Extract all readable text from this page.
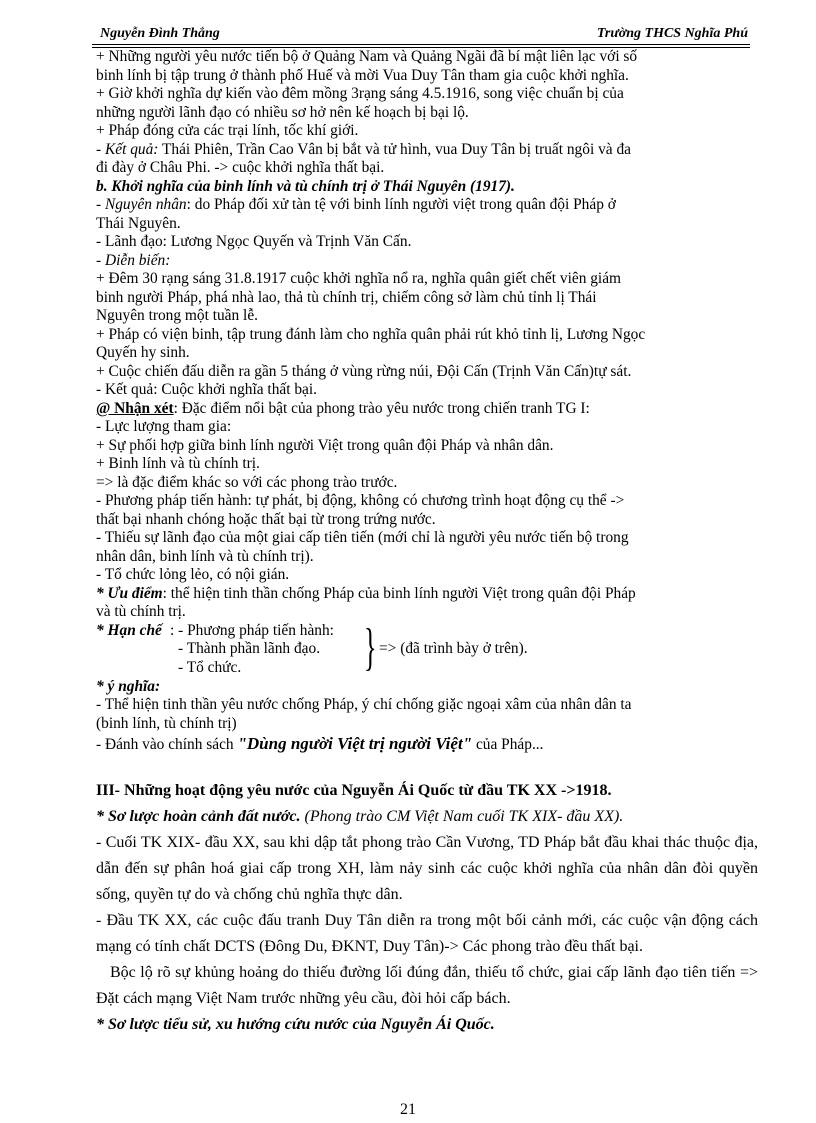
Nguyễn Đình Thắng	Trường THCS Nghĩa Phú
+ Những người yêu nước tiến bộ ở Quảng Nam và Quảng Ngãi đã bí mật liên lạc với số
binh lính bị tập trung ở thành phố Huế và mời Vua Duy Tân tham gia cuộc khởi nghĩa.
+ Giờ khởi nghĩa dự kiến vào đêm mồng 3rạng sáng 4.5.1916, song việc chuẩn bị của
những người lãnh đạo có nhiều sơ hở nên kế hoạch bị bại lộ.
+ Pháp đóng cửa các trại lính, tốc khí giới.
- Kết quả: Thái Phiên, Trần Cao Vân bị bắt và tử hình, vua Duy Tân bị truất ngôi và đa
đi đày ở Châu Phi. -> cuộc khởi nghĩa thất bại.
b. Khởi nghĩa của binh lính và tù chính trị ở Thái Nguyên (1917).
- Nguyên nhân: do Pháp đối xử tàn tệ với binh lính người việt trong quân đội Pháp ở
Thái Nguyên.
- Lãnh đạo: Lương Ngọc Quyến và Trịnh Văn Cấn.
- Diễn biến:
+ Đêm 30 rạng sáng 31.8.1917 cuộc khởi nghĩa nổ ra, nghĩa quân giết chết viên giám
binh người Pháp, phá nhà lao, thả tù chính trị, chiếm công sở làm chủ tỉnh lị Thái
Nguyên trong một tuần lễ.
+ Pháp có viện binh, tập trung đánh làm cho nghĩa quân phải rút khỏ tỉnh lị, Lương Ngọc
Quyến hy sinh.
+ Cuộc chiến đấu diễn ra gần 5 tháng ở vùng rừng núi, Đội Cấn (Trịnh Văn Cấn)tự sát.
- Kết quả: Cuộc khởi nghĩa thất bại.
@ Nhận xét: Đặc điểm nổi bật của phong trào yêu nước trong chiến tranh TG I:
- Lực lượng tham gia:
+ Sự phối hợp giữa binh lính người Việt trong quân đội Pháp và nhân dân.
+ Binh lính và tù chính trị.
=> là đặc điểm khác so với các phong trào trước.
- Phương pháp tiến hành: tự phát, bị động, không có chương trình hoạt động cụ thể ->
thất bại nhanh chóng hoặc thất bại từ trong trứng nước.
- Thiếu sự lãnh đạo của một giai cấp tiên tiến (mới chỉ là người yêu nước tiến bộ trong
nhân dân, binh lính và tù chính trị).
- Tổ chức lỏng lẻo, có nội gián.
* Ưu điểm: thể hiện tinh thần chống Pháp của binh lính người Việt trong quân đội Pháp
và tù chính trị.
* Hạn chế : - Phương pháp tiến hành:
- Thành phần lãnh đạo.
- Tổ chức.	} => (đã trình bày ở trên).
* ý nghĩa:
- Thể hiện tinh thần yêu nước chống Pháp, ý chí chống giặc ngoại xâm của nhân dân ta
(binh lính, tù chính trị)
- Đánh vào chính sách "Dùng người Việt trị người Việt" của Pháp...
III- Những hoạt động yêu nước của Nguyễn Ái Quốc từ đầu TK XX ->1918.
* Sơ lược hoàn cảnh đất nước. (Phong trào CM Việt Nam cuối TK XIX- đầu XX).
- Cuối TK XIX- đầu XX, sau khi dập tắt phong trào Cần Vương, TD Pháp bắt đầu khai thác thuộc địa, dẫn đến sự phân hoá giai cấp trong XH, làm nảy sinh các cuộc khởi nghĩa của nhân dân đòi quyền sống, quyền tự do và chống chủ nghĩa thực dân.
- Đầu TK XX, các cuộc đấu tranh Duy Tân diễn ra trong một bối cảnh mới, các cuộc vận động cách mạng có tính chất DCTS (Đông Du, ĐKNT, Duy Tân)-> Các phong trào đều thất bại.
Bộc lộ rõ sự khủng hoảng do thiếu đường lối đúng đắn, thiếu tổ chức, giai cấp lãnh đạo tiên tiến => Đặt cách mạng Việt Nam trước những yêu cầu, đòi hỏi cấp bách.
* Sơ lược tiểu sử, xu hướng cứu nước của Nguyễn Ái Quốc.
21
